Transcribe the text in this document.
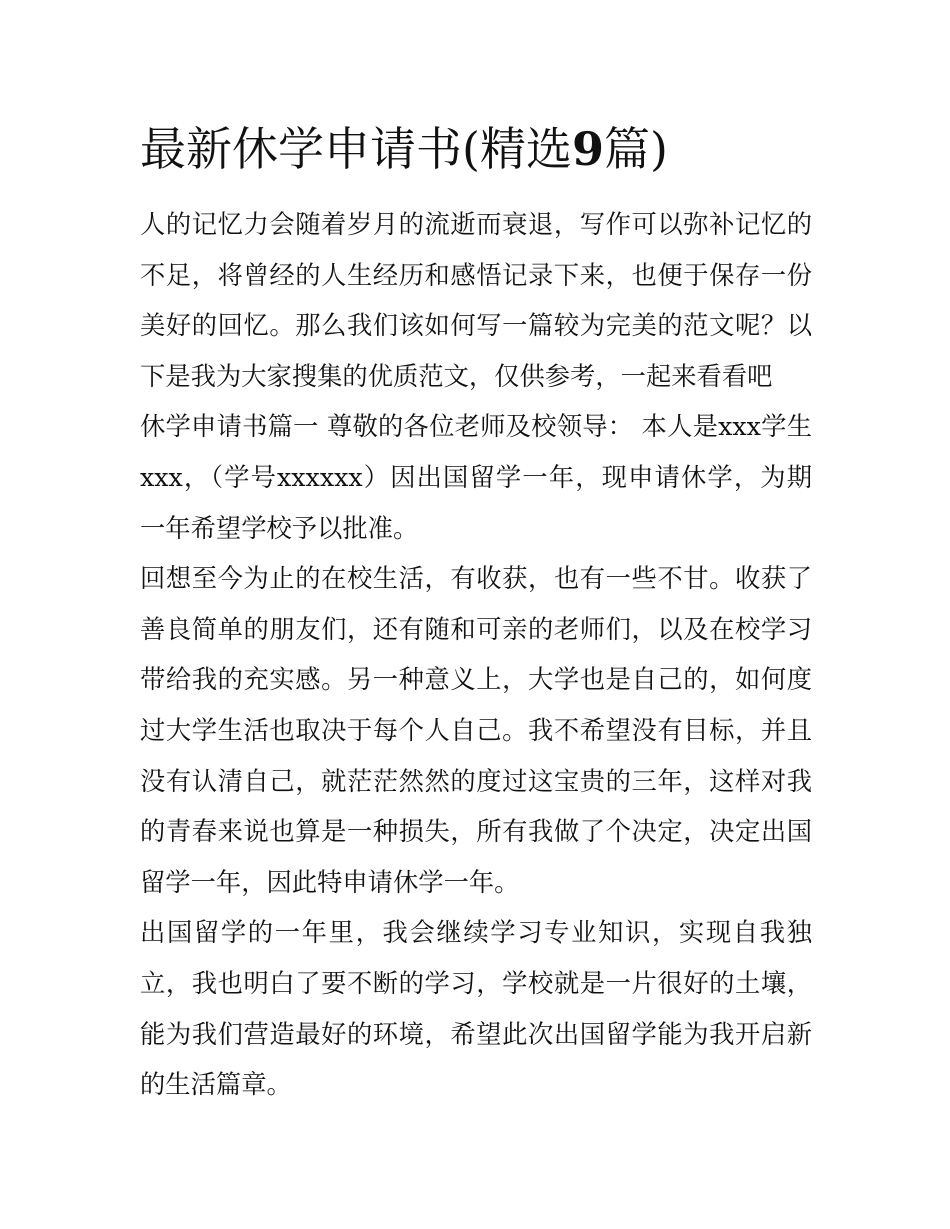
最新休学申请书(精选9篇)

人的记忆力会随着岁月的流逝而衰退，写作可以弥补记忆的不足，将曾经的人生经历和感悟记录下来，也便于保存一份美好的回忆。那么我们该如何写一篇较为完美的范文呢？以下是我为大家搜集的优质范文，仅供参考，一起来看看吧

休学申请书篇一 尊敬的各位老师及校领导： 本人是xxx学生xxx，（学号xxxxxx）因出国留学一年，现申请休学，为期一年希望学校予以批准。

回想至今为止的在校生活，有收获，也有一些不甘。收获了善良简单的朋友们，还有随和可亲的老师们，以及在校学习带给我的充实感。另一种意义上，大学也是自己的，如何度过大学生活也取决于每个人自己。我不希望没有目标，并且没有认清自己，就茫茫然然的度过这宝贵的三年，这样对我的青春来说也算是一种损失，所有我做了个决定，决定出国留学一年，因此特申请休学一年。

出国留学的一年里，我会继续学习专业知识，实现自我独立，我也明白了要不断的学习，学校就是一片很好的土壤，能为我们营造最好的环境，希望此次出国留学能为我开启新的生活篇章。
